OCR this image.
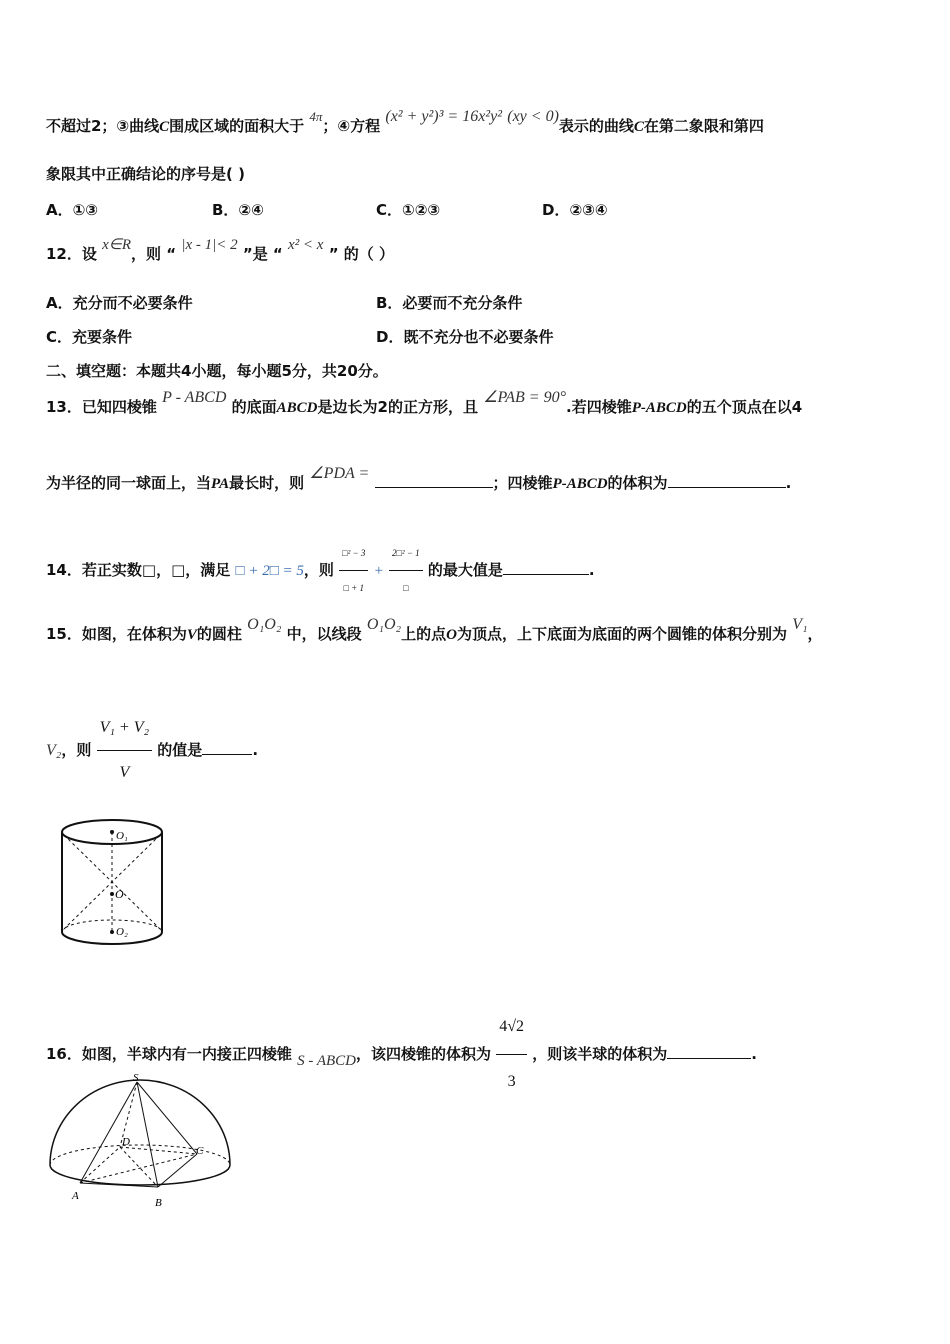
不超过2；③曲线C围成区域的面积大于 4π；④方程 (x² + y²)³ = 16x²y² (xy < 0)表示的曲线C在第二象限和第四
象限其中正确结论的序号是( )
A．①③	B．②④	C．①②③	D．②③④
12．设 x∈R，则 “ |x - 1|< 2 ”是 “ x² < x ” 的（ ）
A．充分而不必要条件	B．必要而不充分条件
C．充要条件	D．既不充分也不必要条件
二、填空题：本题共4小题，每小题5分，共20分。
13．已知四棱锥 P - ABCD 的底面ABCD是边长为2的正方形，且 ∠PAB = 90°.若四棱锥P-ABCD的五个顶点在以4
为半径的同一球面上，当PA最长时，则 ∠PDA = ；四棱锥P-ABCD的体积为	.
14．若正实数□，□，满足 □ + 2□ = 5，则 $\frac{\text{□² − 3}}{□ + 1} + \frac{\text{2□² − 1}}{□}$ 的最大值是	.
15．如图，在体积为V的圆柱 O₁O₂ 中，以线段 O₁O₂上的点O为顶点，上下底面为底面的两个圆锥的体积分别为 V₁，
V₂，则 $\frac{\text{V₁ + V₂}}{V}$ 的值是	.
O₁
O
O₂
16．如图，半球内有一内接正四棱锥 S - ABCD，该四棱锥的体积为 $\frac{4√2}{3}$ ，则该半球的体积为	.
S
D
C
A
B
